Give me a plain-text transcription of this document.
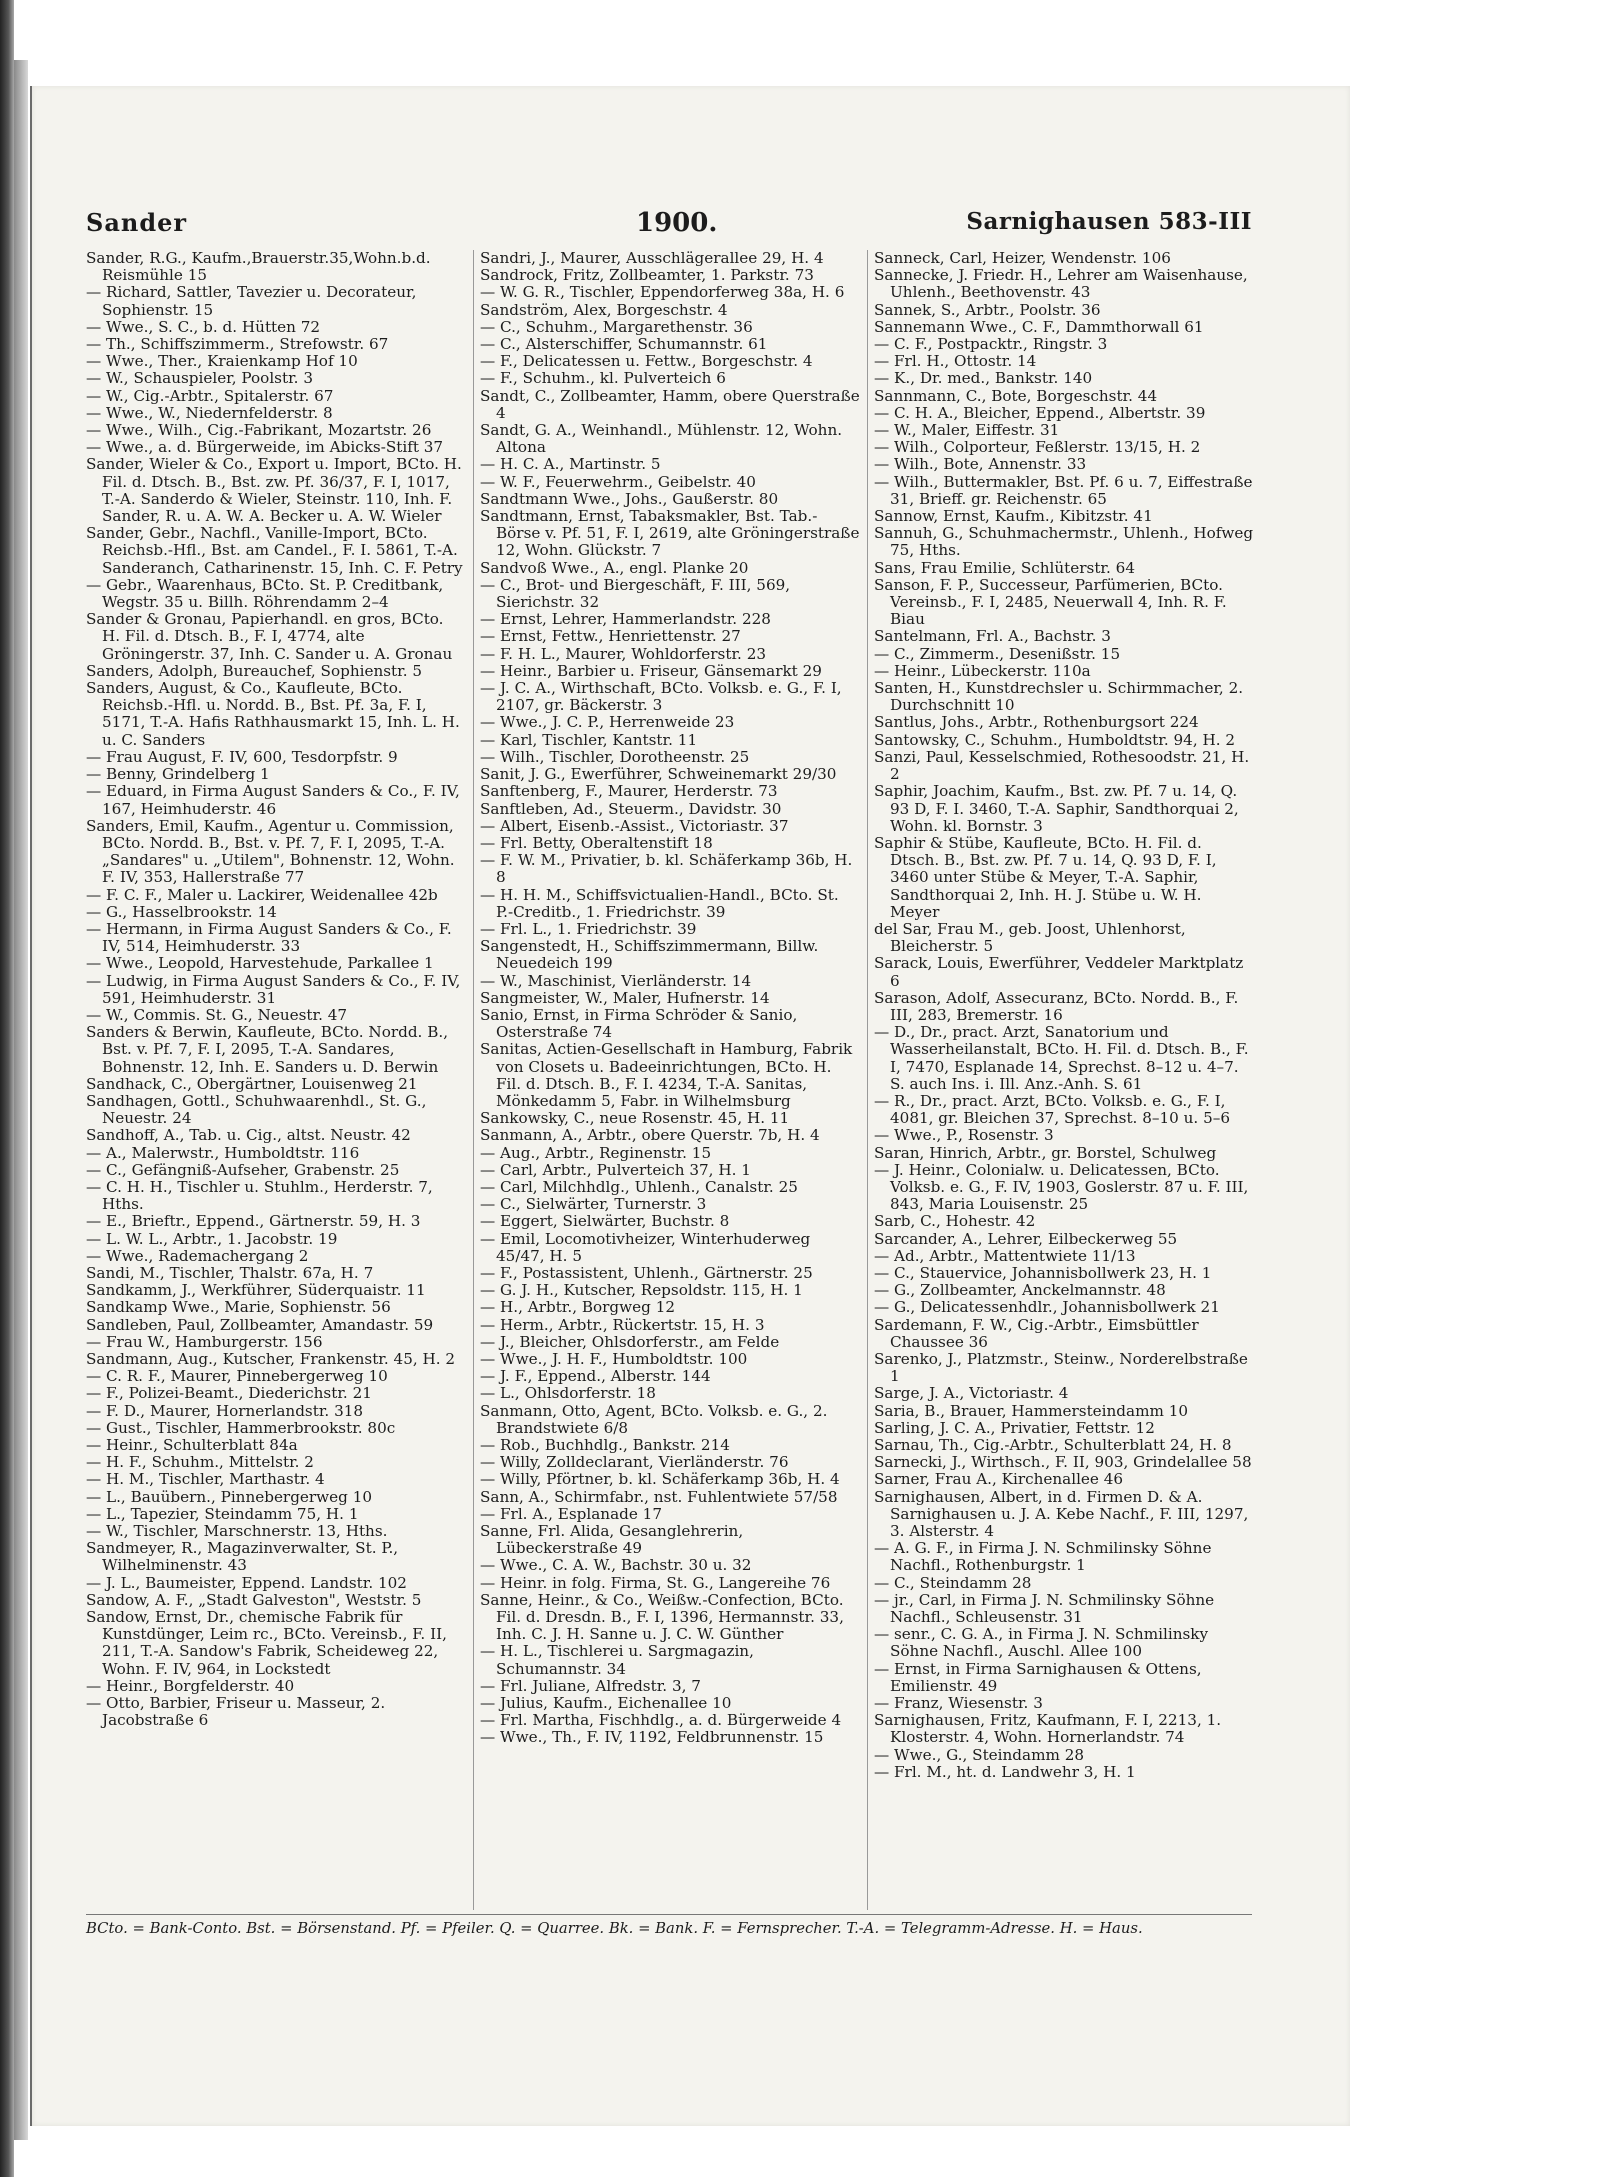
Sander	1900.	Sarnighausen 583-III

Sander, R.G., Kaufm.,Brauerstr.35,Wohn.b.d. Reismühle 15

— Richard, Sattler, Tavezier u. Decorateur, Sophienstr. 15

— Wwe., S. C., b. d. Hütten 72

— Th., Schiffszimmerm., Strefowstr. 67

— Wwe., Ther., Kraienkamp Hof 10

— W., Schauspieler, Poolstr. 3

— W., Cig.-Arbtr., Spitalerstr. 67

— Wwe., W., Niedernfelderstr. 8

— Wwe., Wilh., Cig.-Fabrikant, Mozartstr. 26

— Wwe., a. d. Bürgerweide, im Abicks-Stift 37

Sander, Wieler & Co., Export u. Import, BCto. H. Fil. d. Dtsch. B., Bst. zw. Pf. 36/37, F. I, 1017, T.-A. Sanderdo & Wieler, Steinstr. 110, Inh. F. Sander, R. u. A. W. A. Becker u. A. W. Wieler

Sander, Gebr., Nachfl., Vanille-Import, BCto. Reichsb.-Hfl., Bst. am Candel., F. I. 5861, T.-A. Sanderanch, Catharinenstr. 15, Inh. C. F. Petry

— Gebr., Waarenhaus, BCto. St. P. Creditbank, Wegstr. 35 u. Billh. Röhrendamm 2–4

Sander & Gronau, Papierhandl. en gros, BCto. H. Fil. d. Dtsch. B., F. I, 4774, alte Gröningerstr. 37, Inh. C. Sander u. A. Gronau

Sanders, Adolph, Bureauchef, Sophienstr. 5

Sanders, August, & Co., Kaufleute, BCto. Reichsb.-Hfl. u. Nordd. B., Bst. Pf. 3a, F. I, 5171, T.-A. Hafis Rathhausmarkt 15, Inh. L. H. u. C. Sanders

— Frau August, F. IV, 600, Tesdorpfstr. 9

— Benny, Grindelberg 1

— Eduard, in Firma August Sanders & Co., F. IV, 167, Heimhuderstr. 46

Sanders, Emil, Kaufm., Agentur u. Commission, BCto. Nordd. B., Bst. v. Pf. 7, F. I, 2095, T.-A. „Sandares" u. „Utilem", Bohnenstr. 12, Wohn. F. IV, 353, Hallerstraße 77

— F. C. F., Maler u. Lackirer, Weidenallee 42b

— G., Hasselbrookstr. 14

— Hermann, in Firma August Sanders & Co., F. IV, 514, Heimhuderstr. 33

— Wwe., Leopold, Harvestehude, Parkallee 1

— Ludwig, in Firma August Sanders & Co., F. IV, 591, Heimhuderstr. 31

— W., Commis. St. G., Neuestr. 47

Sanders & Berwin, Kaufleute, BCto. Nordd. B., Bst. v. Pf. 7, F. I, 2095, T.-A. Sandares, Bohnenstr. 12, Inh. E. Sanders u. D. Berwin

Sandhack, C., Obergärtner, Louisenweg 21

Sandhagen, Gottl., Schuhwaarenhdl., St. G., Neuestr. 24

Sandhoff, A., Tab. u. Cig., altst. Neustr. 42

— A., Malerwstr., Humboldtstr. 116

— C., Gefängniß-Aufseher, Grabenstr. 25

— C. H. H., Tischler u. Stuhlm., Herderstr. 7, Hths.

— E., Brieftr., Eppend., Gärtnerstr. 59, H. 3

— L. W. L., Arbtr., 1. Jacobstr. 19

— Wwe., Rademachergang 2

Sandi, M., Tischler, Thalstr. 67a, H. 7

Sandkamm, J., Werkführer, Süderquaistr. 11

Sandkamp Wwe., Marie, Sophienstr. 56

Sandleben, Paul, Zollbeamter, Amandastr. 59

— Frau W., Hamburgerstr. 156

Sandmann, Aug., Kutscher, Frankenstr. 45, H. 2

— C. R. F., Maurer, Pinnebergerweg 10

— F., Polizei-Beamt., Diederichstr. 21

— F. D., Maurer, Hornerlandstr. 318

— Gust., Tischler, Hammerbrookstr. 80c

— Heinr., Schulterblatt 84a

— H. F., Schuhm., Mittelstr. 2

— H. M., Tischler, Marthastr. 4

— L., Bauübern., Pinnebergerweg 10

— L., Tapezier, Steindamm 75, H. 1

— W., Tischler, Marschnerstr. 13, Hths.

Sandmeyer, R., Magazinverwalter, St. P., Wilhelminenstr. 43

— J. L., Baumeister, Eppend. Landstr. 102

Sandow, A. F., „Stadt Galveston", Weststr. 5

Sandow, Ernst, Dr., chemische Fabrik für Kunstdünger, Leim rc., BCto. Vereinsb., F. II, 211, T.-A. Sandow's Fabrik, Scheideweg 22, Wohn. F. IV, 964, in Lockstedt

— Heinr., Borgfelderstr. 40

— Otto, Barbier, Friseur u. Masseur, 2. Jacobstraße 6

Sandri, J., Maurer, Ausschlägerallee 29, H. 4

Sandrock, Fritz, Zollbeamter, 1. Parkstr. 73

— W. G. R., Tischler, Eppendorferweg 38a, H. 6

Sandström, Alex, Borgeschstr. 4

— C., Schuhm., Margarethenstr. 36

— C., Alsterschiffer, Schumannstr. 61

— F., Delicatessen u. Fettw., Borgeschstr. 4

— F., Schuhm., kl. Pulverteich 6

Sandt, C., Zollbeamter, Hamm, obere Querstraße 4

Sandt, G. A., Weinhandl., Mühlenstr. 12, Wohn. Altona

— H. C. A., Martinstr. 5

— W. F., Feuerwehrm., Geibelstr. 40

Sandtmann Wwe., Johs., Gaußerstr. 80

Sandtmann, Ernst, Tabaksmakler, Bst. Tab.-Börse v. Pf. 51, F. I, 2619, alte Gröningerstraße 12, Wohn. Glückstr. 7

Sandvoß Wwe., A., engl. Planke 20

— C., Brot- und Biergeschäft, F. III, 569, Sierichstr. 32

— Ernst, Lehrer, Hammerlandstr. 228

— Ernst, Fettw., Henriettenstr. 27

— F. H. L., Maurer, Wohldorferstr. 23

— Heinr., Barbier u. Friseur, Gänsemarkt 29

— J. C. A., Wirthschaft, BCto. Volksb. e. G., F. I, 2107, gr. Bäckerstr. 3

— Wwe., J. C. P., Herrenweide 23

— Karl, Tischler, Kantstr. 11

— Wilh., Tischler, Dorotheenstr. 25

Sanit, J. G., Ewerführer, Schweinemarkt 29/30

Sanftenberg, F., Maurer, Herderstr. 73

Sanftleben, Ad., Steuerm., Davidstr. 30

— Albert, Eisenb.-Assist., Victoriastr. 37

— Frl. Betty, Oberaltenstift 18

— F. W. M., Privatier, b. kl. Schäferkamp 36b, H. 8

— H. H. M., Schiffsvictualien-Handl., BCto. St. P.-Creditb., 1. Friedrichstr. 39

— Frl. L., 1. Friedrichstr. 39

Sangenstedt, H., Schiffszimmermann, Billw. Neuedeich 199

— W., Maschinist, Vierländerstr. 14

Sangmeister, W., Maler, Hufnerstr. 14

Sanio, Ernst, in Firma Schröder & Sanio, Osterstraße 74

Sanitas, Actien-Gesellschaft in Hamburg, Fabrik von Closets u. Badeeinrichtungen, BCto. H. Fil. d. Dtsch. B., F. I. 4234, T.-A. Sanitas, Mönkedamm 5, Fabr. in Wilhelmsburg

Sankowsky, C., neue Rosenstr. 45, H. 11

Sanmann, A., Arbtr., obere Querstr. 7b, H. 4

— Aug., Arbtr., Reginenstr. 15

— Carl, Arbtr., Pulverteich 37, H. 1

— Carl, Milchhdlg., Uhlenh., Canalstr. 25

— C., Sielwärter, Turnerstr. 3

— Eggert, Sielwärter, Buchstr. 8

— Emil, Locomotivheizer, Winterhuderweg 45/47, H. 5

— F., Postassistent, Uhlenh., Gärtnerstr. 25

— G. J. H., Kutscher, Repsoldstr. 115, H. 1

— H., Arbtr., Borgweg 12

— Herm., Arbtr., Rückertstr. 15, H. 3

— J., Bleicher, Ohlsdorferstr., am Felde

— Wwe., J. H. F., Humboldtstr. 100

— J. F., Eppend., Alberstr. 144

— L., Ohlsdorferstr. 18

Sanmann, Otto, Agent, BCto. Volksb. e. G., 2. Brandstwiete 6/8

— Rob., Buchhdlg., Bankstr. 214

— Willy, Zolldeclarant, Vierländerstr. 76

— Willy, Pförtner, b. kl. Schäferkamp 36b, H. 4

Sann, A., Schirmfabr., nst. Fuhlentwiete 57/58

— Frl. A., Esplanade 17

Sanne, Frl. Alida, Gesanglehrerin, Lübeckerstraße 49

— Wwe., C. A. W., Bachstr. 30 u. 32

— Heinr. in folg. Firma, St. G., Langereihe 76

Sanne, Heinr., & Co., Weißw.-Confection, BCto. Fil. d. Dresdn. B., F. I, 1396, Hermannstr. 33, Inh. C. J. H. Sanne u. J. C. W. Günther

— H. L., Tischlerei u. Sargmagazin, Schumannstr. 34

— Frl. Juliane, Alfredstr. 3, 7

— Julius, Kaufm., Eichenallee 10

— Frl. Martha, Fischhdlg., a. d. Bürgerweide 4

— Wwe., Th., F. IV, 1192, Feldbrunnenstr. 15

Sanneck, Carl, Heizer, Wendenstr. 106

Sannecke, J. Friedr. H., Lehrer am Waisenhause, Uhlenh., Beethovenstr. 43

Sannek, S., Arbtr., Poolstr. 36

Sannemann Wwe., C. F., Dammthorwall 61

— C. F., Postpacktr., Ringstr. 3

— Frl. H., Ottostr. 14

— K., Dr. med., Bankstr. 140

Sannmann, C., Bote, Borgeschstr. 44

— C. H. A., Bleicher, Eppend., Albertstr. 39

— W., Maler, Eiffestr. 31

— Wilh., Colporteur, Feßlerstr. 13/15, H. 2

— Wilh., Bote, Annenstr. 33

— Wilh., Buttermakler, Bst. Pf. 6 u. 7, Eiffestraße 31, Brieff. gr. Reichenstr. 65

Sannow, Ernst, Kaufm., Kibitzstr. 41

Sannuh, G., Schuhmachermstr., Uhlenh., Hofweg 75, Hths.

Sans, Frau Emilie, Schlüterstr. 64

Sanson, F. P., Successeur, Parfümerien, BCto. Vereinsb., F. I, 2485, Neuerwall 4, Inh. R. F. Biau

Santelmann, Frl. A., Bachstr. 3

— C., Zimmerm., Desenißstr. 15

— Heinr., Lübeckerstr. 110a

Santen, H., Kunstdrechsler u. Schirmmacher, 2. Durchschnitt 10

Santlus, Johs., Arbtr., Rothenburgsort 224

Santowsky, C., Schuhm., Humboldtstr. 94, H. 2

Sanzi, Paul, Kesselschmied, Rothesoodstr. 21, H. 2

Saphir, Joachim, Kaufm., Bst. zw. Pf. 7 u. 14, Q. 93 D, F. I. 3460, T.-A. Saphir, Sandthorquai 2, Wohn. kl. Bornstr. 3

Saphir & Stübe, Kaufleute, BCto. H. Fil. d. Dtsch. B., Bst. zw. Pf. 7 u. 14, Q. 93 D, F. I, 3460 unter Stübe & Meyer, T.-A. Saphir, Sandthorquai 2, Inh. H. J. Stübe u. W. H. Meyer

del Sar, Frau M., geb. Joost, Uhlenhorst, Bleicherstr. 5

Sarack, Louis, Ewerführer, Veddeler Marktplatz 6

Sarason, Adolf, Assecuranz, BCto. Nordd. B., F. III, 283, Bremerstr. 16

— D., Dr., pract. Arzt, Sanatorium und Wasserheilanstalt, BCto. H. Fil. d. Dtsch. B., F. I, 7470, Esplanade 14, Sprechst. 8–12 u. 4–7. S. auch Ins. i. Ill. Anz.-Anh. S. 61

— R., Dr., pract. Arzt, BCto. Volksb. e. G., F. I, 4081, gr. Bleichen 37, Sprechst. 8–10 u. 5–6

— Wwe., P., Rosenstr. 3

Saran, Hinrich, Arbtr., gr. Borstel, Schulweg

— J. Heinr., Colonialw. u. Delicatessen, BCto. Volksb. e. G., F. IV, 1903, Goslerstr. 87 u. F. III, 843, Maria Louisenstr. 25

Sarb, C., Hohestr. 42

Sarcander, A., Lehrer, Eilbeckerweg 55

— Ad., Arbtr., Mattentwiete 11/13

— C., Stauervice, Johannisbollwerk 23, H. 1

— G., Zollbeamter, Anckelmannstr. 48

— G., Delicatessenhdlr., Johannisbollwerk 21

Sardemann, F. W., Cig.-Arbtr., Eimsbüttler Chaussee 36

Sarenko, J., Platzmstr., Steinw., Norderelbstraße 1

Sarge, J. A., Victoriastr. 4

Saria, B., Brauer, Hammersteindamm 10

Sarling, J. C. A., Privatier, Fettstr. 12

Sarnau, Th., Cig.-Arbtr., Schulterblatt 24, H. 8

Sarnecki, J., Wirthsch., F. II, 903, Grindelallee 58

Sarner, Frau A., Kirchenallee 46

Sarnighausen, Albert, in d. Firmen D. & A. Sarnighausen u. J. A. Kebe Nachf., F. III, 1297, 3. Alsterstr. 4

— A. G. F., in Firma J. N. Schmilinsky Söhne Nachfl., Rothenburgstr. 1

— C., Steindamm 28

— jr., Carl, in Firma J. N. Schmilinsky Söhne Nachfl., Schleusenstr. 31

— senr., C. G. A., in Firma J. N. Schmilinsky Söhne Nachfl., Auschl. Allee 100

— Ernst, in Firma Sarnighausen & Ottens, Emilienstr. 49

— Franz, Wiesenstr. 3

Sarnighausen, Fritz, Kaufmann, F. I, 2213, 1. Klosterstr. 4, Wohn. Hornerlandstr. 74

— Wwe., G., Steindamm 28

— Frl. M., ht. d. Landwehr 3, H. 1

BCto. = Bank-Conto. Bst. = Börsenstand. Pf. = Pfeiler. Q. = Quarree. Bk. = Bank. F. = Fernsprecher. T.-A. = Telegramm-Adresse. H. = Haus.
